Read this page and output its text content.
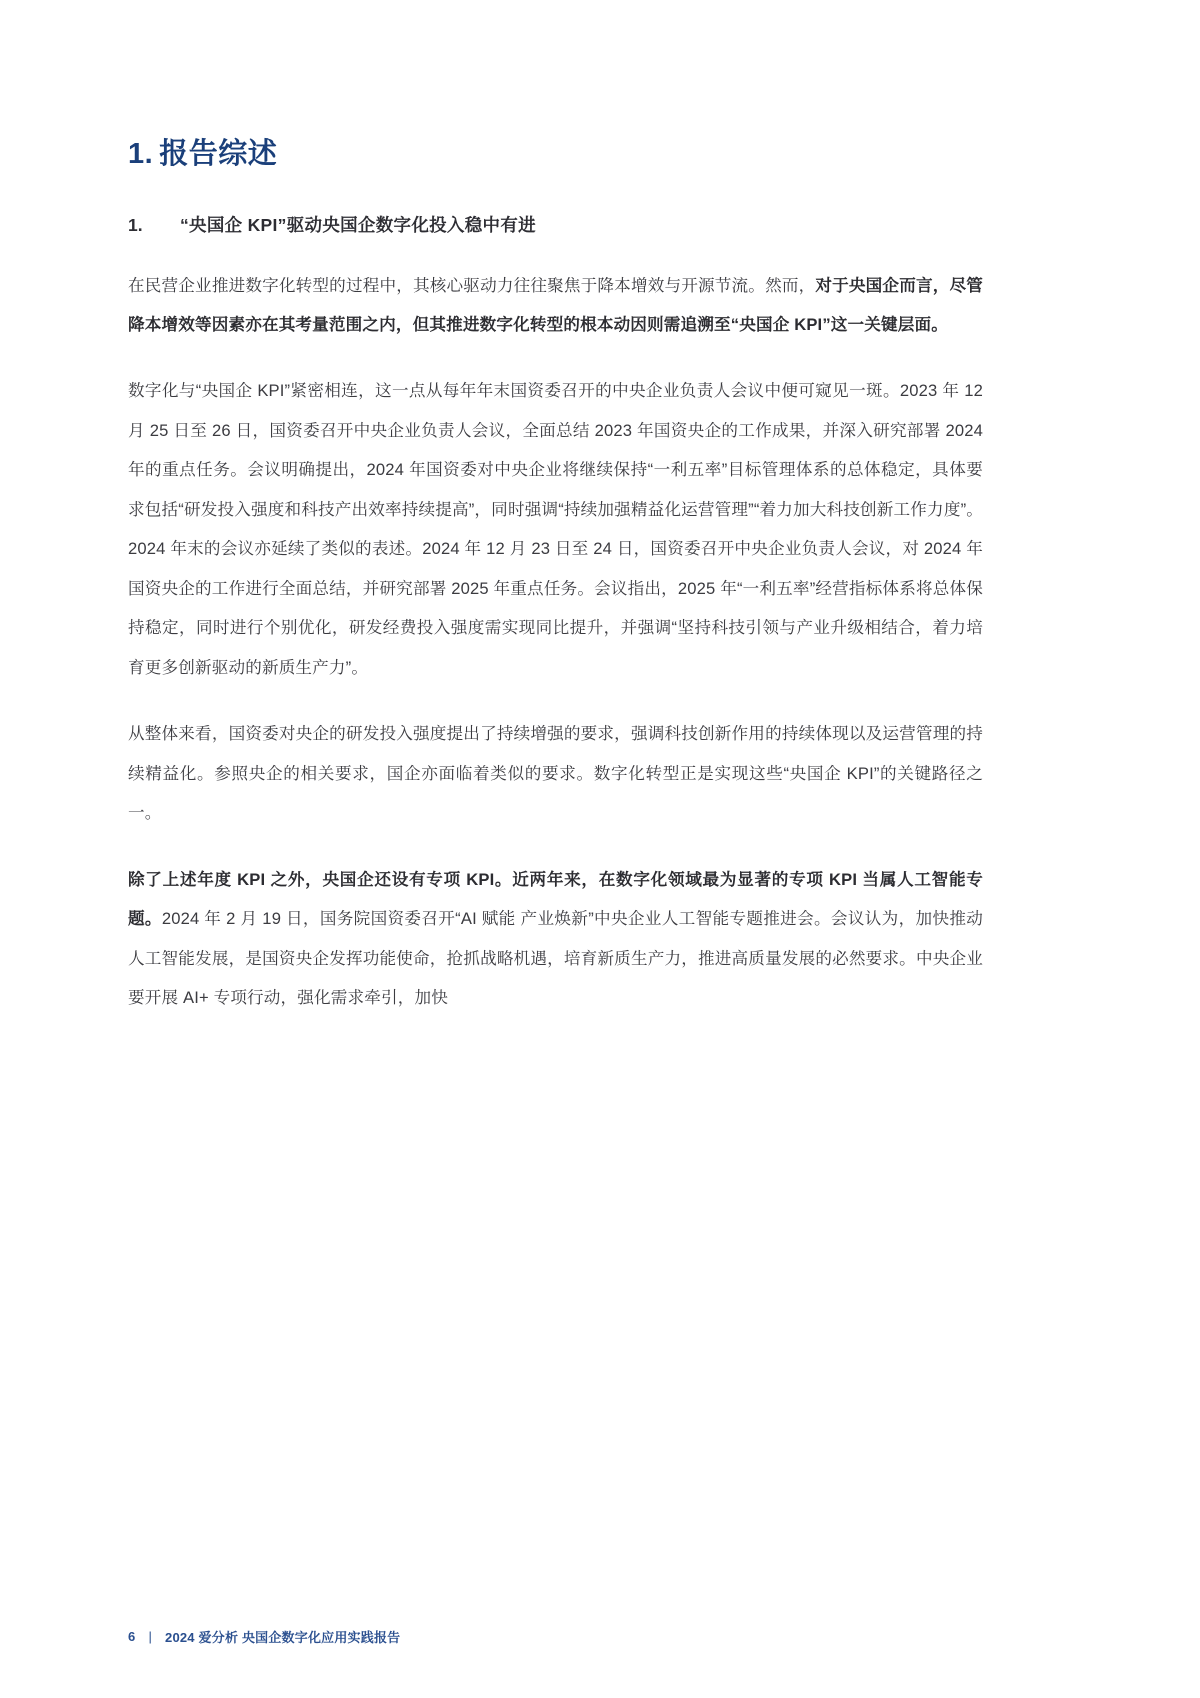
1. 报告综述
1.	“央国企 KPI”驱动央国企数字化投入稳中有进

在民营企业推进数字化转型的过程中，其核心驱动力往往聚焦于降本增效与开源节流。然而，对于央国企而言，尽管降本增效等因素亦在其考量范围之内，但其推进数字化转型的根本动因则需追溯至“央国企 KPI”这一关键层面。

数字化与“央国企 KPI”紧密相连，这一点从每年年末国资委召开的中央企业负责人会议中便可窥见一斑。2023 年 12 月 25 日至 26 日，国资委召开中央企业负责人会议，全面总结 2023 年国资央企的工作成果，并深入研究部署 2024 年的重点任务。会议明确提出，2024 年国资委对中央企业将继续保持“一利五率”目标管理体系的总体稳定，具体要求包括“研发投入强度和科技产出效率持续提高”，同时强调“持续加强精益化运营管理”“着力加大科技创新工作力度”。2024 年末的会议亦延续了类似的表述。2024 年 12 月 23 日至 24 日，国资委召开中央企业负责人会议，对 2024 年国资央企的工作进行全面总结，并研究部署 2025 年重点任务。会议指出，2025 年“一利五率”经营指标体系将总体保持稳定，同时进行个别优化，研发经费投入强度需实现同比提升，并强调“坚持科技引领与产业升级相结合，着力培育更多创新驱动的新质生产力”。

从整体来看，国资委对央企的研发投入强度提出了持续增强的要求，强调科技创新作用的持续体现以及运营管理的持续精益化。参照央企的相关要求，国企亦面临着类似的要求。数字化转型正是实现这些“央国企 KPI”的关键路径之一。

除了上述年度 KPI 之外，央国企还设有专项 KPI。近两年来，在数字化领域最为显著的专项 KPI 当属人工智能专题。2024 年 2 月 19 日，国务院国资委召开“AI 赋能 产业焕新”中央企业人工智能专题推进会。会议认为，加快推动人工智能发展，是国资央企发挥功能使命，抢抓战略机遇，培育新质生产力，推进高质量发展的必然要求。中央企业要开展 AI+ 专项行动，强化需求牵引，加快

6 | 2024 爱分析 央国企数字化应用实践报告
